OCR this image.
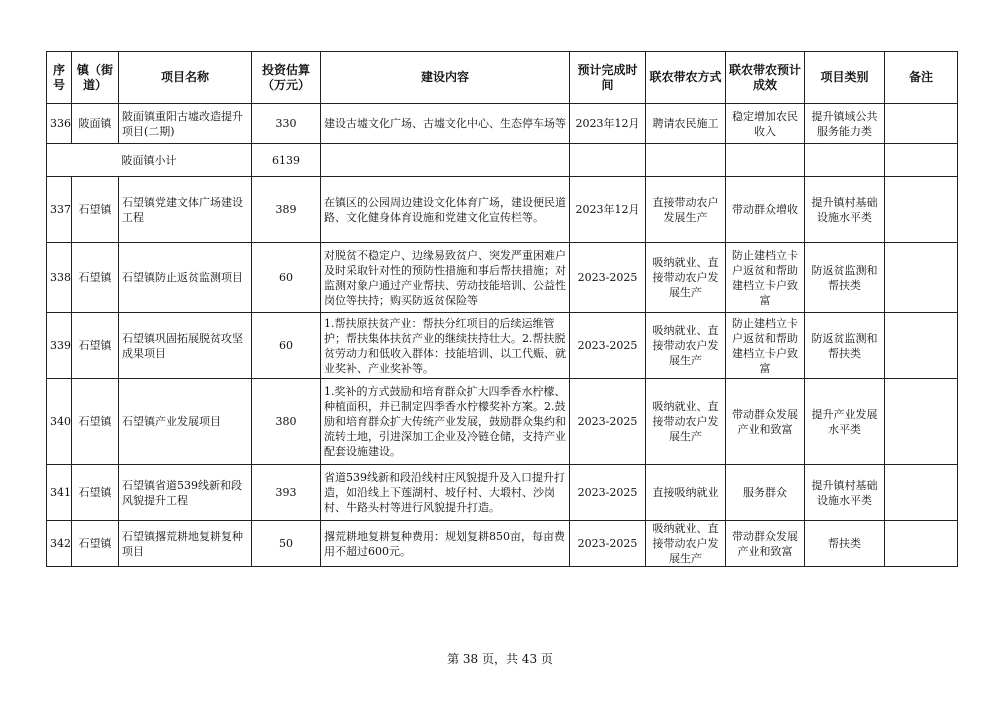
序号	镇（街道）	项目名称	投资估算（万元）	建设内容	预计完成时间	联农带农方式	联农带农预计成效	项目类别	备注
336	陂面镇	陂面镇重阳古墟改造提升项目(二期)	330	建设古墟文化广场、古墟文化中心、生态停车场等	2023年12月	聘请农民施工	稳定增加农民收入	提升镇域公共服务能力类	
陂面镇小计			6139						
337	石望镇	石望镇党建文体广场建设工程	389	在镇区的公园周边建设文化体育广场，建设便民道路、文化健身体育设施和党建文化宣传栏等。	2023年12月	直接带动农户发展生产	带动群众增收	提升镇村基础设施水平类	
338	石望镇	石望镇防止返贫监测项目	60	对脱贫不稳定户、边缘易致贫户、突发严重困难户及时采取针对性的预防性措施和事后帮扶措施；对监测对象户通过产业帮扶、劳动技能培训、公益性岗位等扶持；购买防返贫保险等	2023-2025	吸纳就业、直接带动农户发展生产	防止建档立卡户返贫和帮助建档立卡户致富	防返贫监测和帮扶类	
339	石望镇	石望镇巩固拓展脱贫攻坚成果项目	60	1.帮扶原扶贫产业：帮扶分红项目的后续运维管护；帮扶集体扶贫产业的继续扶持壮大。2.帮扶脱贫劳动力和低收入群体：技能培训、以工代赈、就业奖补、产业奖补等。	2023-2025	吸纳就业、直接带动农户发展生产	防止建档立卡户返贫和帮助建档立卡户致富	防返贫监测和帮扶类	
340	石望镇	石望镇产业发展项目	380	1.奖补的方式鼓励和培育群众扩大四季香水柠檬、种植面积，并已制定四季香水柠檬奖补方案。2.鼓励和培育群众扩大传统产业发展，鼓励群众集约和流转土地，引进深加工企业及冷链仓储，支持产业配套设施建设。	2023-2025	吸纳就业、直接带动农户发展生产	带动群众发展产业和致富	提升产业发展水平类	
341	石望镇	石望镇省道539线新和段风貌提升工程	393	省道539线新和段沿线村庄风貌提升及入口提升打造，如沿线上下莲湖村、坡仔村、大塅村、沙岗村、牛路头村等进行风貌提升打造。	2023-2025	直接吸纳就业	服务群众	提升镇村基础设施水平类	
342	石望镇	石望镇撂荒耕地复耕复种项目	50	撂荒耕地复耕复种费用：规划复耕850亩，每亩费用不超过600元。	2023-2025	吸纳就业、直接带动农户发展生产	带动群众发展产业和致富	帮扶类	
第 38 页，共 43 页
